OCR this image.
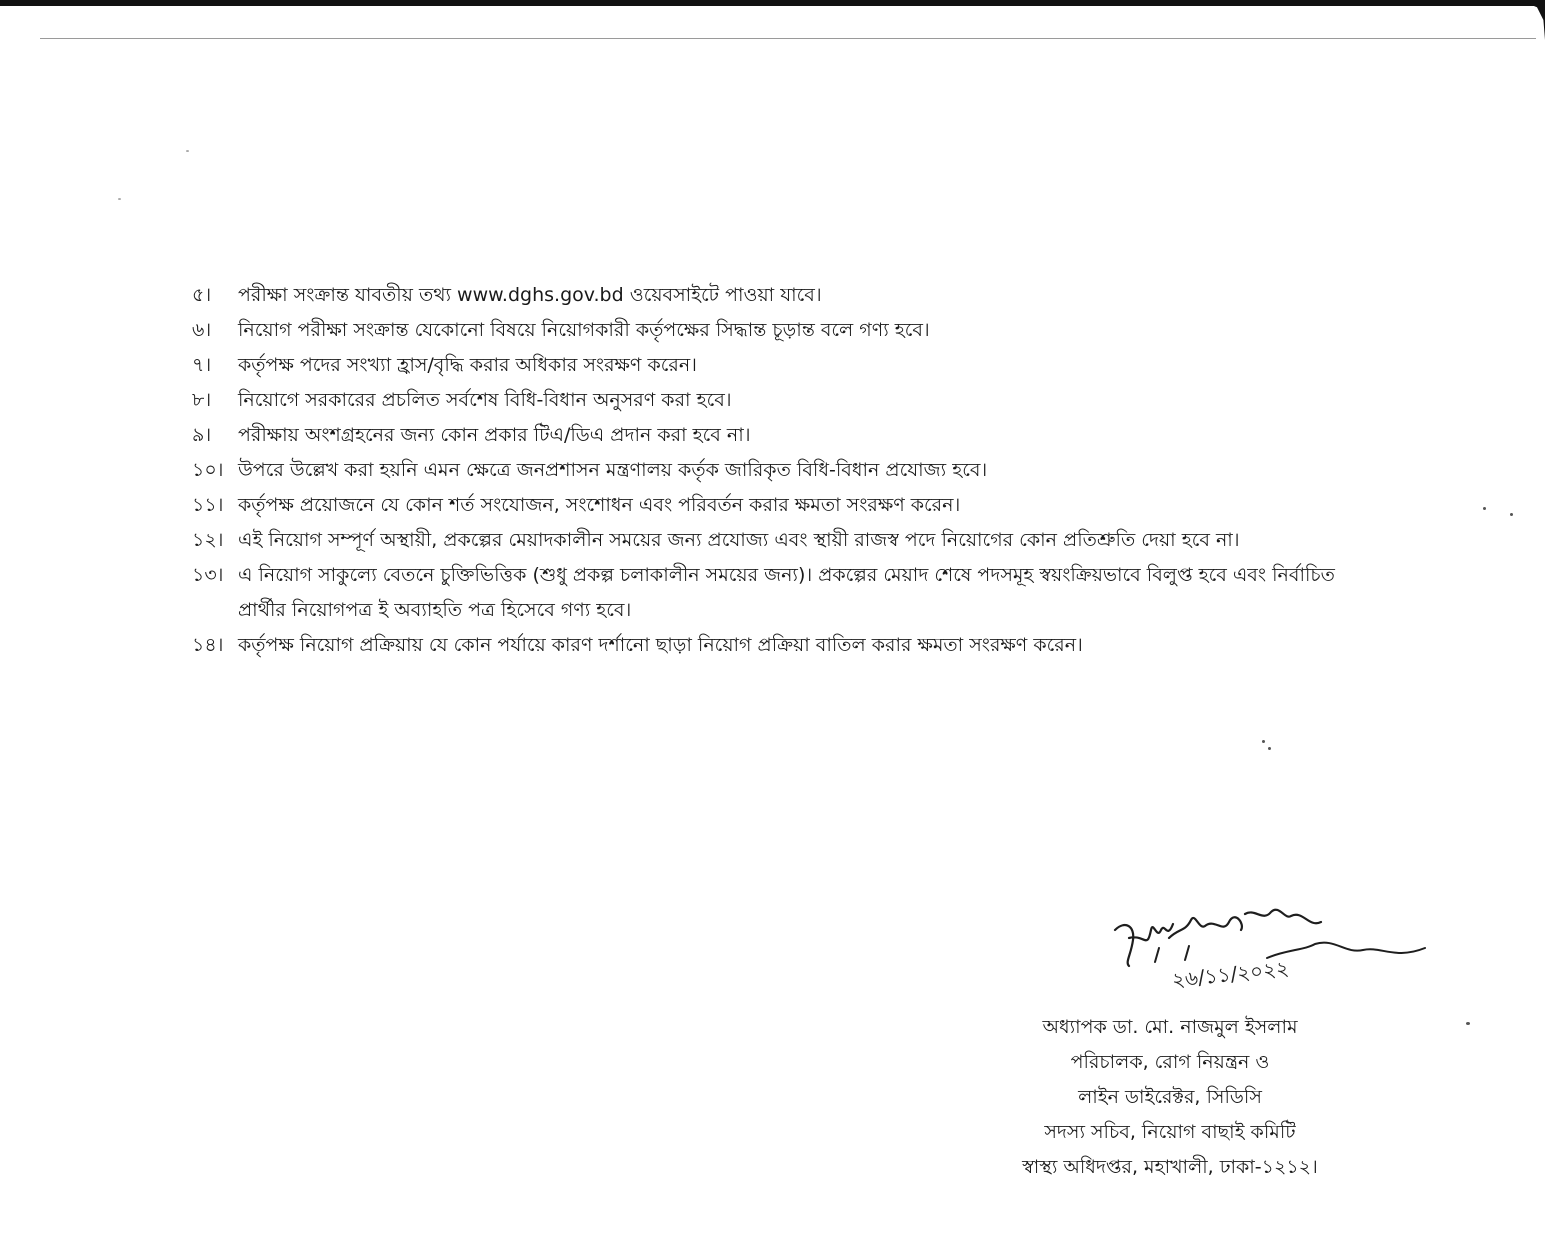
৫।	পরীক্ষা সংক্রান্ত যাবতীয় তথ্য www.dghs.gov.bd ওয়েবসাইটে পাওয়া যাবে।
৬।	নিয়োগ পরীক্ষা সংক্রান্ত যেকোনো বিষয়ে নিয়োগকারী কর্তৃপক্ষের সিদ্ধান্ত চূড়ান্ত বলে গণ্য হবে।
৭।	কর্তৃপক্ষ পদের সংখ্যা হ্রাস/বৃদ্ধি করার অধিকার সংরক্ষণ করেন।
৮।	নিয়োগে সরকারের প্রচলিত সর্বশেষ বিধি-বিধান অনুসরণ করা হবে।
৯।	পরীক্ষায় অংশগ্রহনের জন্য কোন প্রকার টিএ/ডিএ প্রদান করা হবে না।
১০। উপরে উল্লেখ করা হয়নি এমন ক্ষেত্রে জনপ্রশাসন মন্ত্রণালয় কর্তৃক জারিকৃত বিধি-বিধান প্রযোজ্য হবে।
১১। কর্তৃপক্ষ প্রয়োজনে যে কোন শর্ত সংযোজন, সংশোধন এবং পরিবর্তন করার ক্ষমতা সংরক্ষণ করেন।
১২। এই নিয়োগ সম্পূর্ণ অস্থায়ী, প্রকল্পের মেয়াদকালীন সময়ের জন্য প্রযোজ্য এবং স্থায়ী রাজস্ব পদে নিয়োগের কোন প্রতিশ্রুতি দেয়া হবে না।
১৩। এ নিয়োগ সাকুল্যে বেতনে চুক্তিভিত্তিক (শুধু প্রকল্প চলাকালীন সময়ের জন্য)। প্রকল্পের মেয়াদ শেষে পদসমূহ স্বয়ংক্রিয়ভাবে বিলুপ্ত হবে এবং নির্বাচিত প্রার্থীর নিয়োগপত্র ই অব্যাহতি পত্র হিসেবে গণ্য হবে।
১৪। কর্তৃপক্ষ নিয়োগ প্রক্রিয়ায় যে কোন পর্যায়ে কারণ দর্শানো ছাড়া নিয়োগ প্রক্রিয়া বাতিল করার ক্ষমতা সংরক্ষণ করেন।
২৬/১১/২০২২
অধ্যাপক ডা. মো. নাজমুল ইসলাম
পরিচালক, রোগ নিয়ন্ত্রন ও
লাইন ডাইরেক্টর, সিডিসি
সদস্য সচিব, নিয়োগ বাছাই কমিটি
স্বাস্থ্য অধিদপ্তর, মহাখালী, ঢাকা-১২১২।
